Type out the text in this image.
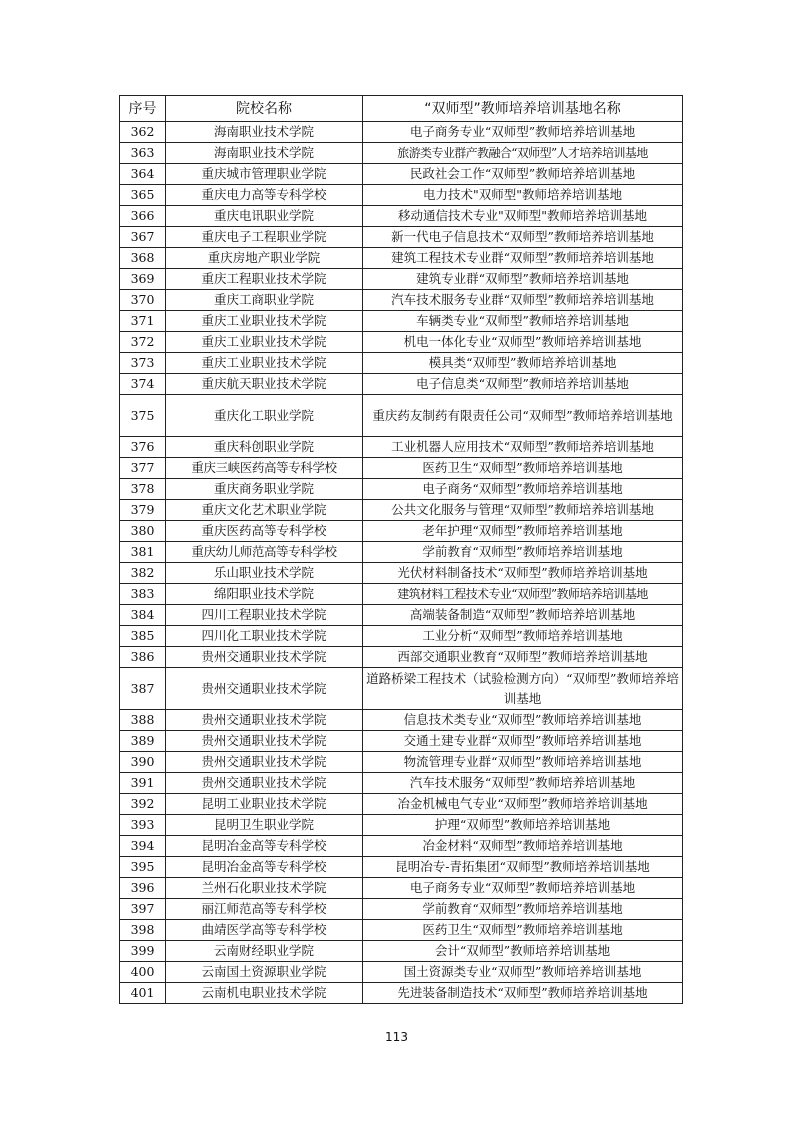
序号	院校名称	“双师型”教师培养培训基地名称
362	海南职业技术学院	电子商务专业“双师型”教师培养培训基地
363	海南职业技术学院	旅游类专业群产教融合“双师型”人才培养培训基地
364	重庆城市管理职业学院	民政社会工作“双师型”教师培养培训基地
365	重庆电力高等专科学校	电力技术"双师型"教师培养培训基地
366	重庆电讯职业学院	移动通信技术专业"双师型"教师培养培训基地
367	重庆电子工程职业学院	新一代电子信息技术“双师型”教师培养培训基地
368	重庆房地产职业学院	建筑工程技术专业群“双师型”教师培养培训基地
369	重庆工程职业技术学院	建筑专业群“双师型”教师培养培训基地
370	重庆工商职业学院	汽车技术服务专业群“双师型”教师培养培训基地
371	重庆工业职业技术学院	车辆类专业“双师型”教师培养培训基地
372	重庆工业职业技术学院	机电一体化专业“双师型”教师培养培训基地
373	重庆工业职业技术学院	模具类“双师型”教师培养培训基地
374	重庆航天职业技术学院	电子信息类“双师型”教师培养培训基地
375	重庆化工职业学院	重庆药友制药有限责任公司“双师型”教师培养培训基地
376	重庆科创职业学院	工业机器人应用技术“双师型”教师培养培训基地
377	重庆三峡医药高等专科学校	医药卫生“双师型”教师培养培训基地
378	重庆商务职业学院	电子商务“双师型”教师培养培训基地
379	重庆文化艺术职业学院	公共文化服务与管理“双师型”教师培养培训基地
380	重庆医药高等专科学校	老年护理“双师型”教师培养培训基地
381	重庆幼儿师范高等专科学校	学前教育“双师型”教师培养培训基地
382	乐山职业技术学院	光伏材料制备技术“双师型”教师培养培训基地
383	绵阳职业技术学院	建筑材料工程技术专业“双师型”教师培养培训基地
384	四川工程职业技术学院	高端装备制造“双师型”教师培养培训基地
385	四川化工职业技术学院	工业分析“双师型”教师培养培训基地
386	贵州交通职业技术学院	西部交通职业教育“双师型”教师培养培训基地
387	贵州交通职业技术学院	道路桥梁工程技术（试验检测方向）“双师型”教师培养培训基地
388	贵州交通职业技术学院	信息技术类专业“双师型”教师培养培训基地
389	贵州交通职业技术学院	交通土建专业群“双师型”教师培养培训基地
390	贵州交通职业技术学院	物流管理专业群“双师型”教师培养培训基地
391	贵州交通职业技术学院	汽车技术服务“双师型”教师培养培训基地
392	昆明工业职业技术学院	冶金机械电气专业“双师型”教师培养培训基地
393	昆明卫生职业学院	护理“双师型”教师培养培训基地
394	昆明冶金高等专科学校	冶金材料“双师型”教师培养培训基地
395	昆明冶金高等专科学校	昆明冶专-青拓集团“双师型”教师培养培训基地
396	兰州石化职业技术学院	电子商务专业“双师型”教师培养培训基地
397	丽江师范高等专科学校	学前教育“双师型”教师培养培训基地
398	曲靖医学高等专科学校	医药卫生“双师型”教师培养培训基地
399	云南财经职业学院	会计“双师型”教师培养培训基地
400	云南国土资源职业学院	国土资源类专业“双师型”教师培养培训基地
401	云南机电职业技术学院	先进装备制造技术“双师型”教师培养培训基地
113
